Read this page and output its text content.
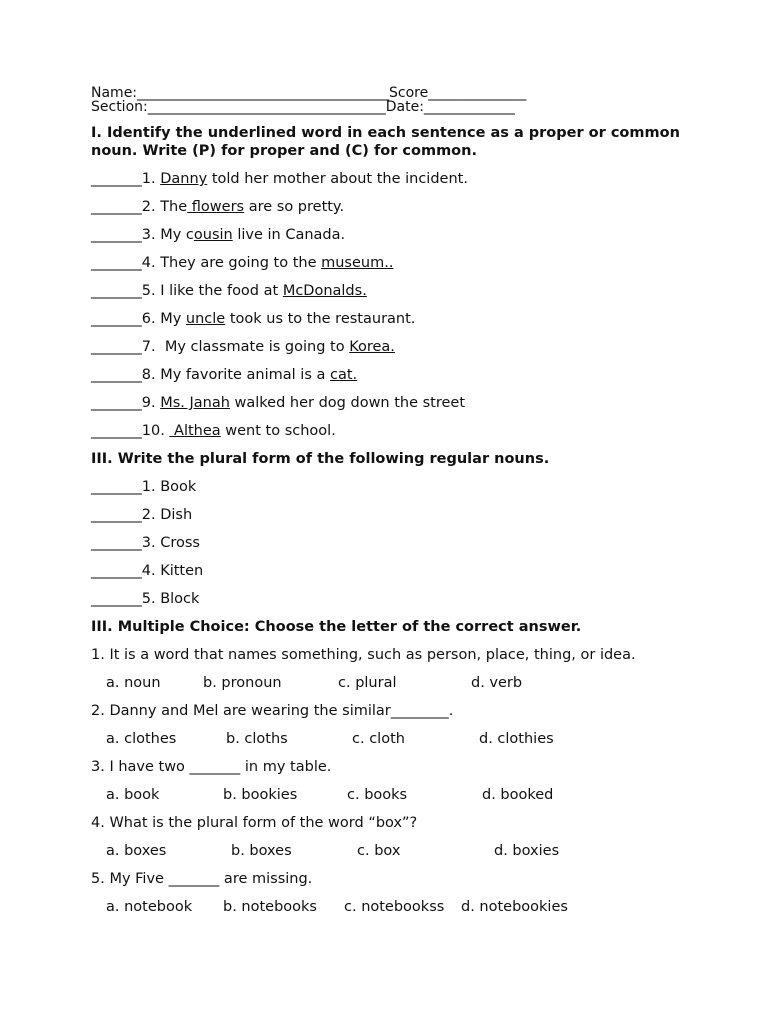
Name:____________________________________Score______________
Section:__________________________________Date:_____________
I. Identify the underlined word in each sentence as a proper or common noun. Write (P) for proper and (C) for common.
_______1. Danny told her mother about the incident.
_______2. The flowers are so pretty.
_______3. My cousin live in Canada.
_______4. They are going to the museum..
_______5. I like the food at McDonalds.
_______6. My uncle took us to the restaurant.
_______7.  My classmate is going to Korea.
_______8. My favorite animal is a cat.
_______9. Ms. Janah walked her dog down the street
_______10.  Althea went to school.
III. Write the plural form of the following regular nouns.
_______1. Book
_______2. Dish
_______3. Cross
_______4. Kitten
_______5. Block
III. Multiple Choice: Choose the letter of the correct answer.
1. It is a word that names something, such as person, place, thing, or idea.
a. noun	b. pronoun	c. plural	d. verb
2. Danny and Mel are wearing the similar________.
a. clothes	b. cloths	c. cloth	d. clothies
3. I have two _______ in my table.
a. book	b. bookies	c. books	d. booked
4. What is the plural form of the word “box”?
a. boxes	b. boxes	c. box	d. boxies
5. My Five _______ are missing.
a. notebook b. notebooks c. notebookss d. notebookies
